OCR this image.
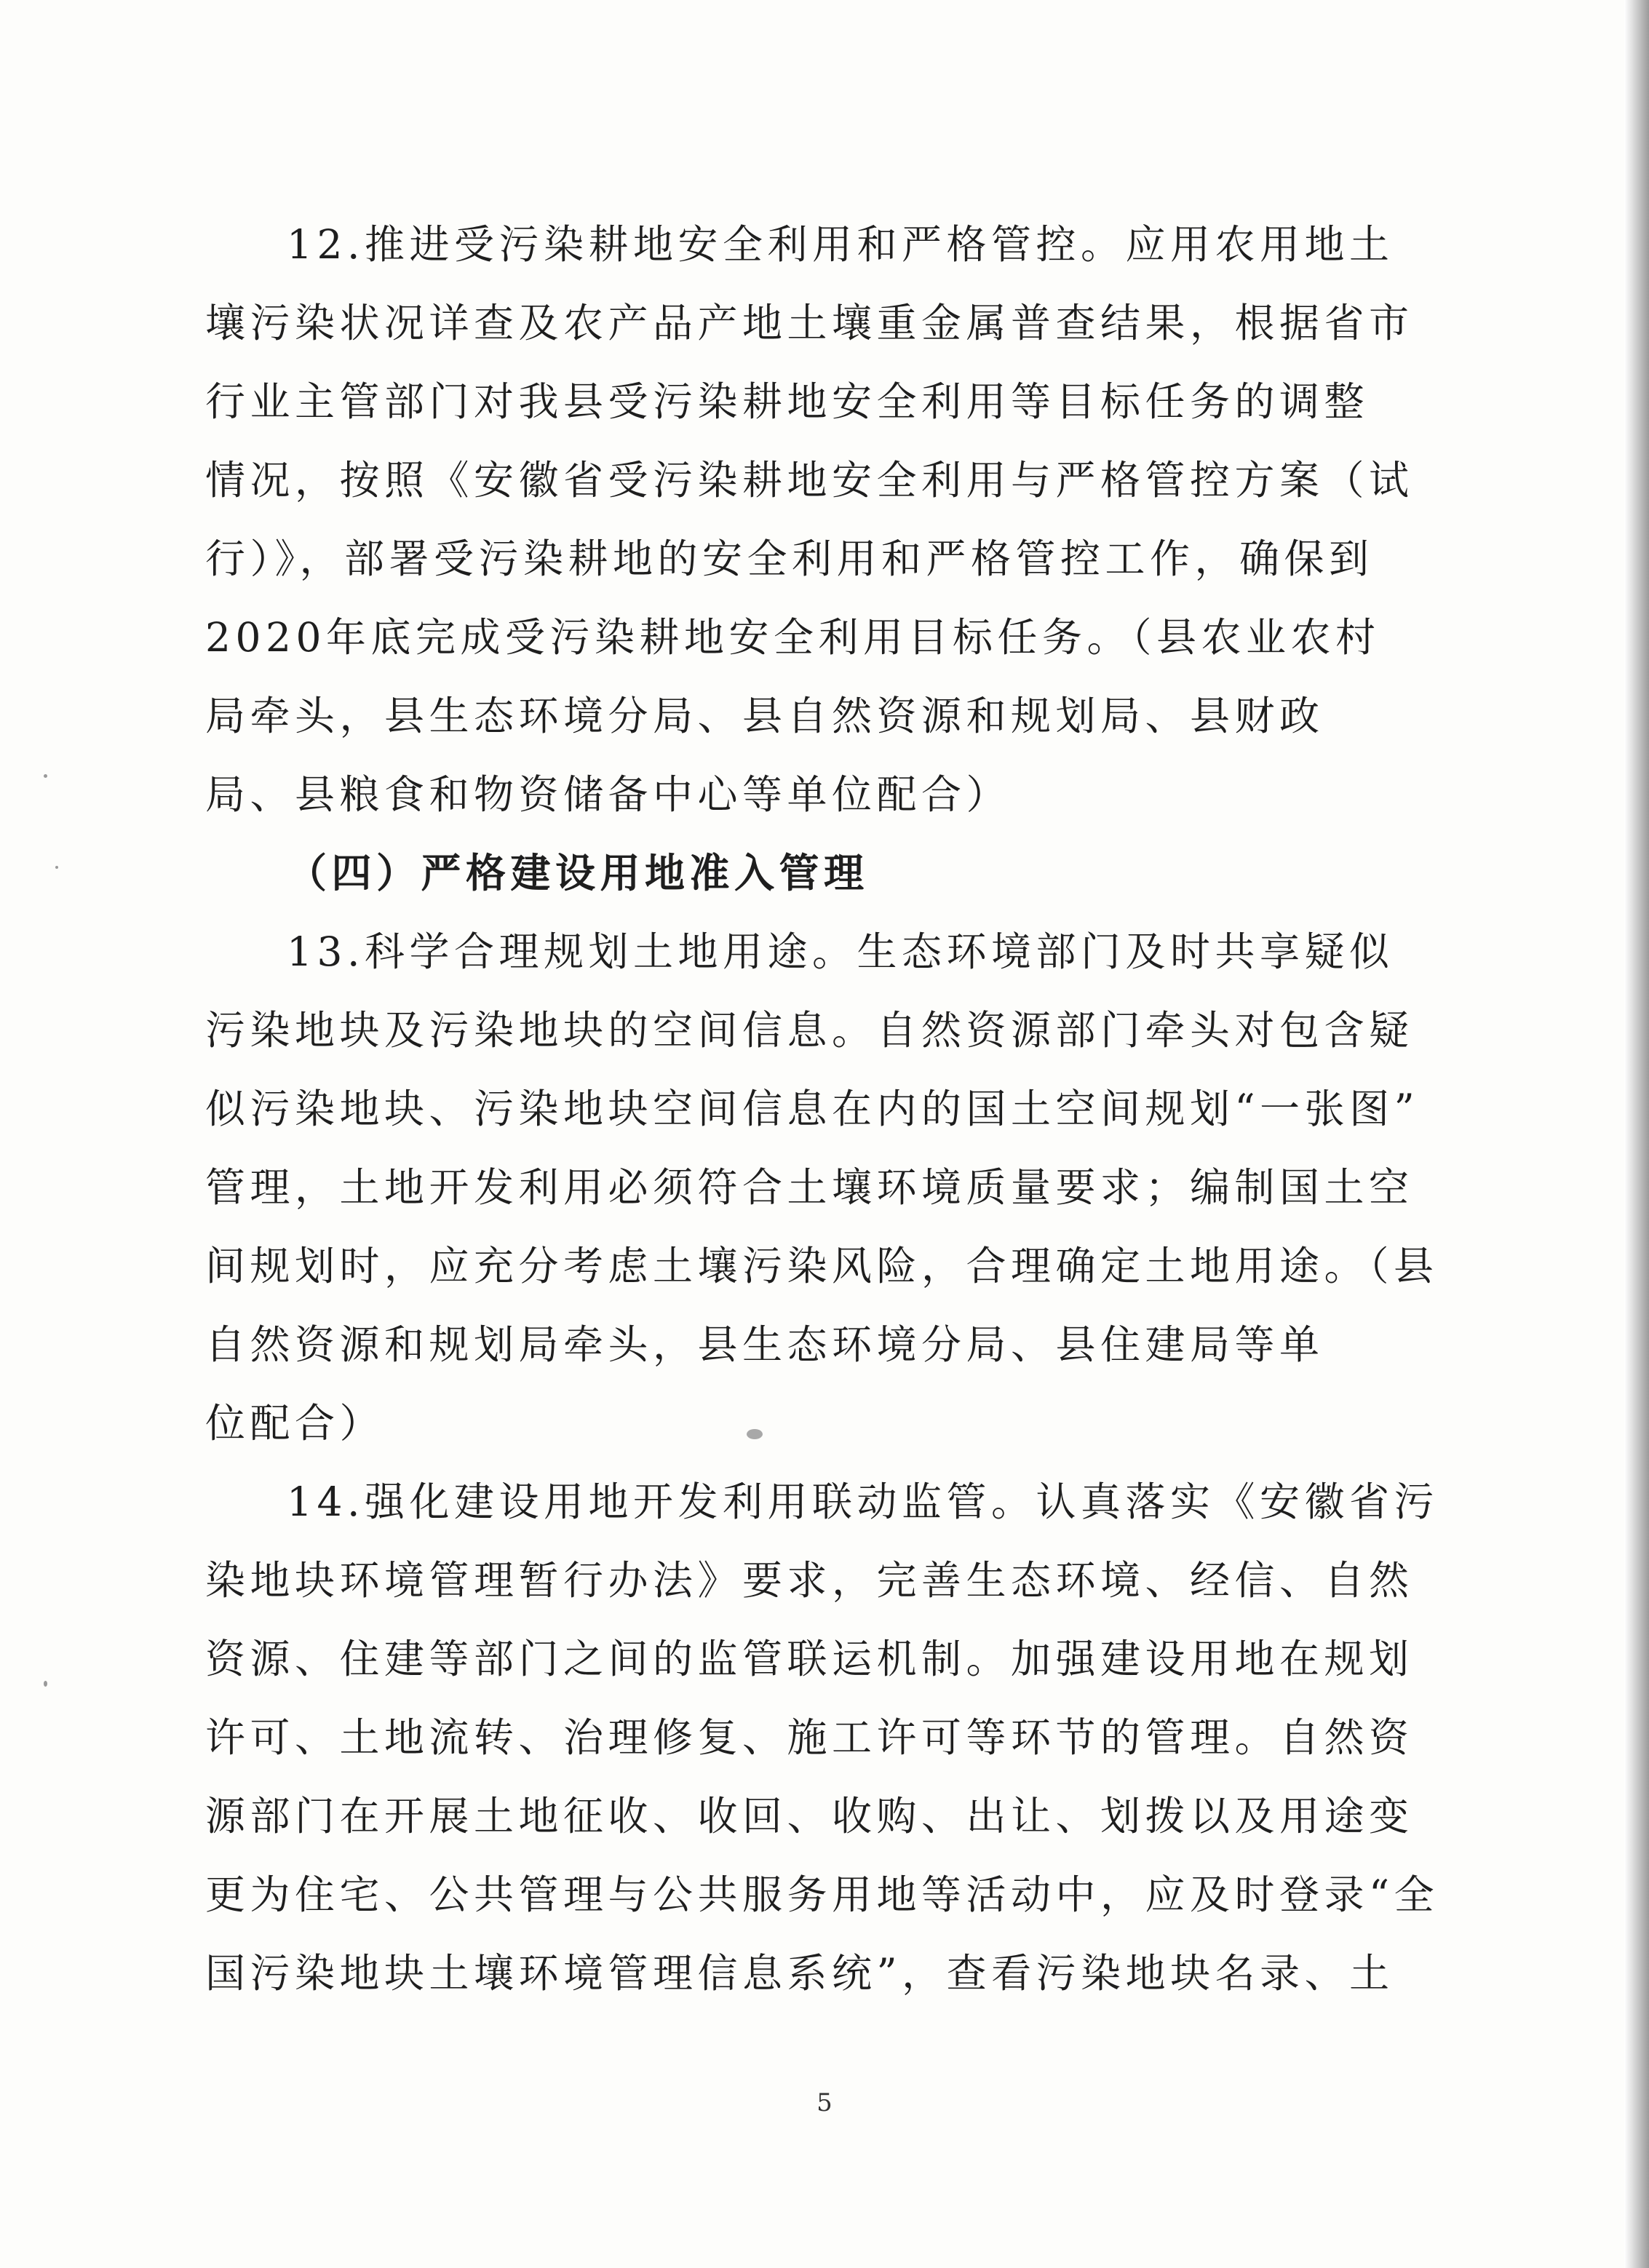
12.推进受污染耕地安全利用和严格管控。应用农用地土
壤污染状况详查及农产品产地土壤重金属普查结果，根据省市
行业主管部门对我县受污染耕地安全利用等目标任务的调整
情况，按照《安徽省受污染耕地安全利用与严格管控方案（试
行）》，部署受污染耕地的安全利用和严格管控工作，确保到
2020年底完成受污染耕地安全利用目标任务。（县农业农村
局牵头，县生态环境分局、县自然资源和规划局、县财政
局、县粮食和物资储备中心等单位配合）
（四）严格建设用地准入管理
13.科学合理规划土地用途。生态环境部门及时共享疑似
污染地块及污染地块的空间信息。自然资源部门牵头对包含疑
似污染地块、污染地块空间信息在内的国土空间规划“一张图”
管理，土地开发利用必须符合土壤环境质量要求；编制国土空
间规划时，应充分考虑土壤污染风险，合理确定土地用途。（县
自然资源和规划局牵头，县生态环境分局、县住建局等单
位配合）
14.强化建设用地开发利用联动监管。认真落实《安徽省污
染地块环境管理暂行办法》要求，完善生态环境、经信、自然
资源、住建等部门之间的监管联运机制。加强建设用地在规划
许可、土地流转、治理修复、施工许可等环节的管理。自然资
源部门在开展土地征收、收回、收购、出让、划拨以及用途变
更为住宅、公共管理与公共服务用地等活动中，应及时登录“全
国污染地块土壤环境管理信息系统”，查看污染地块名录、土
5
